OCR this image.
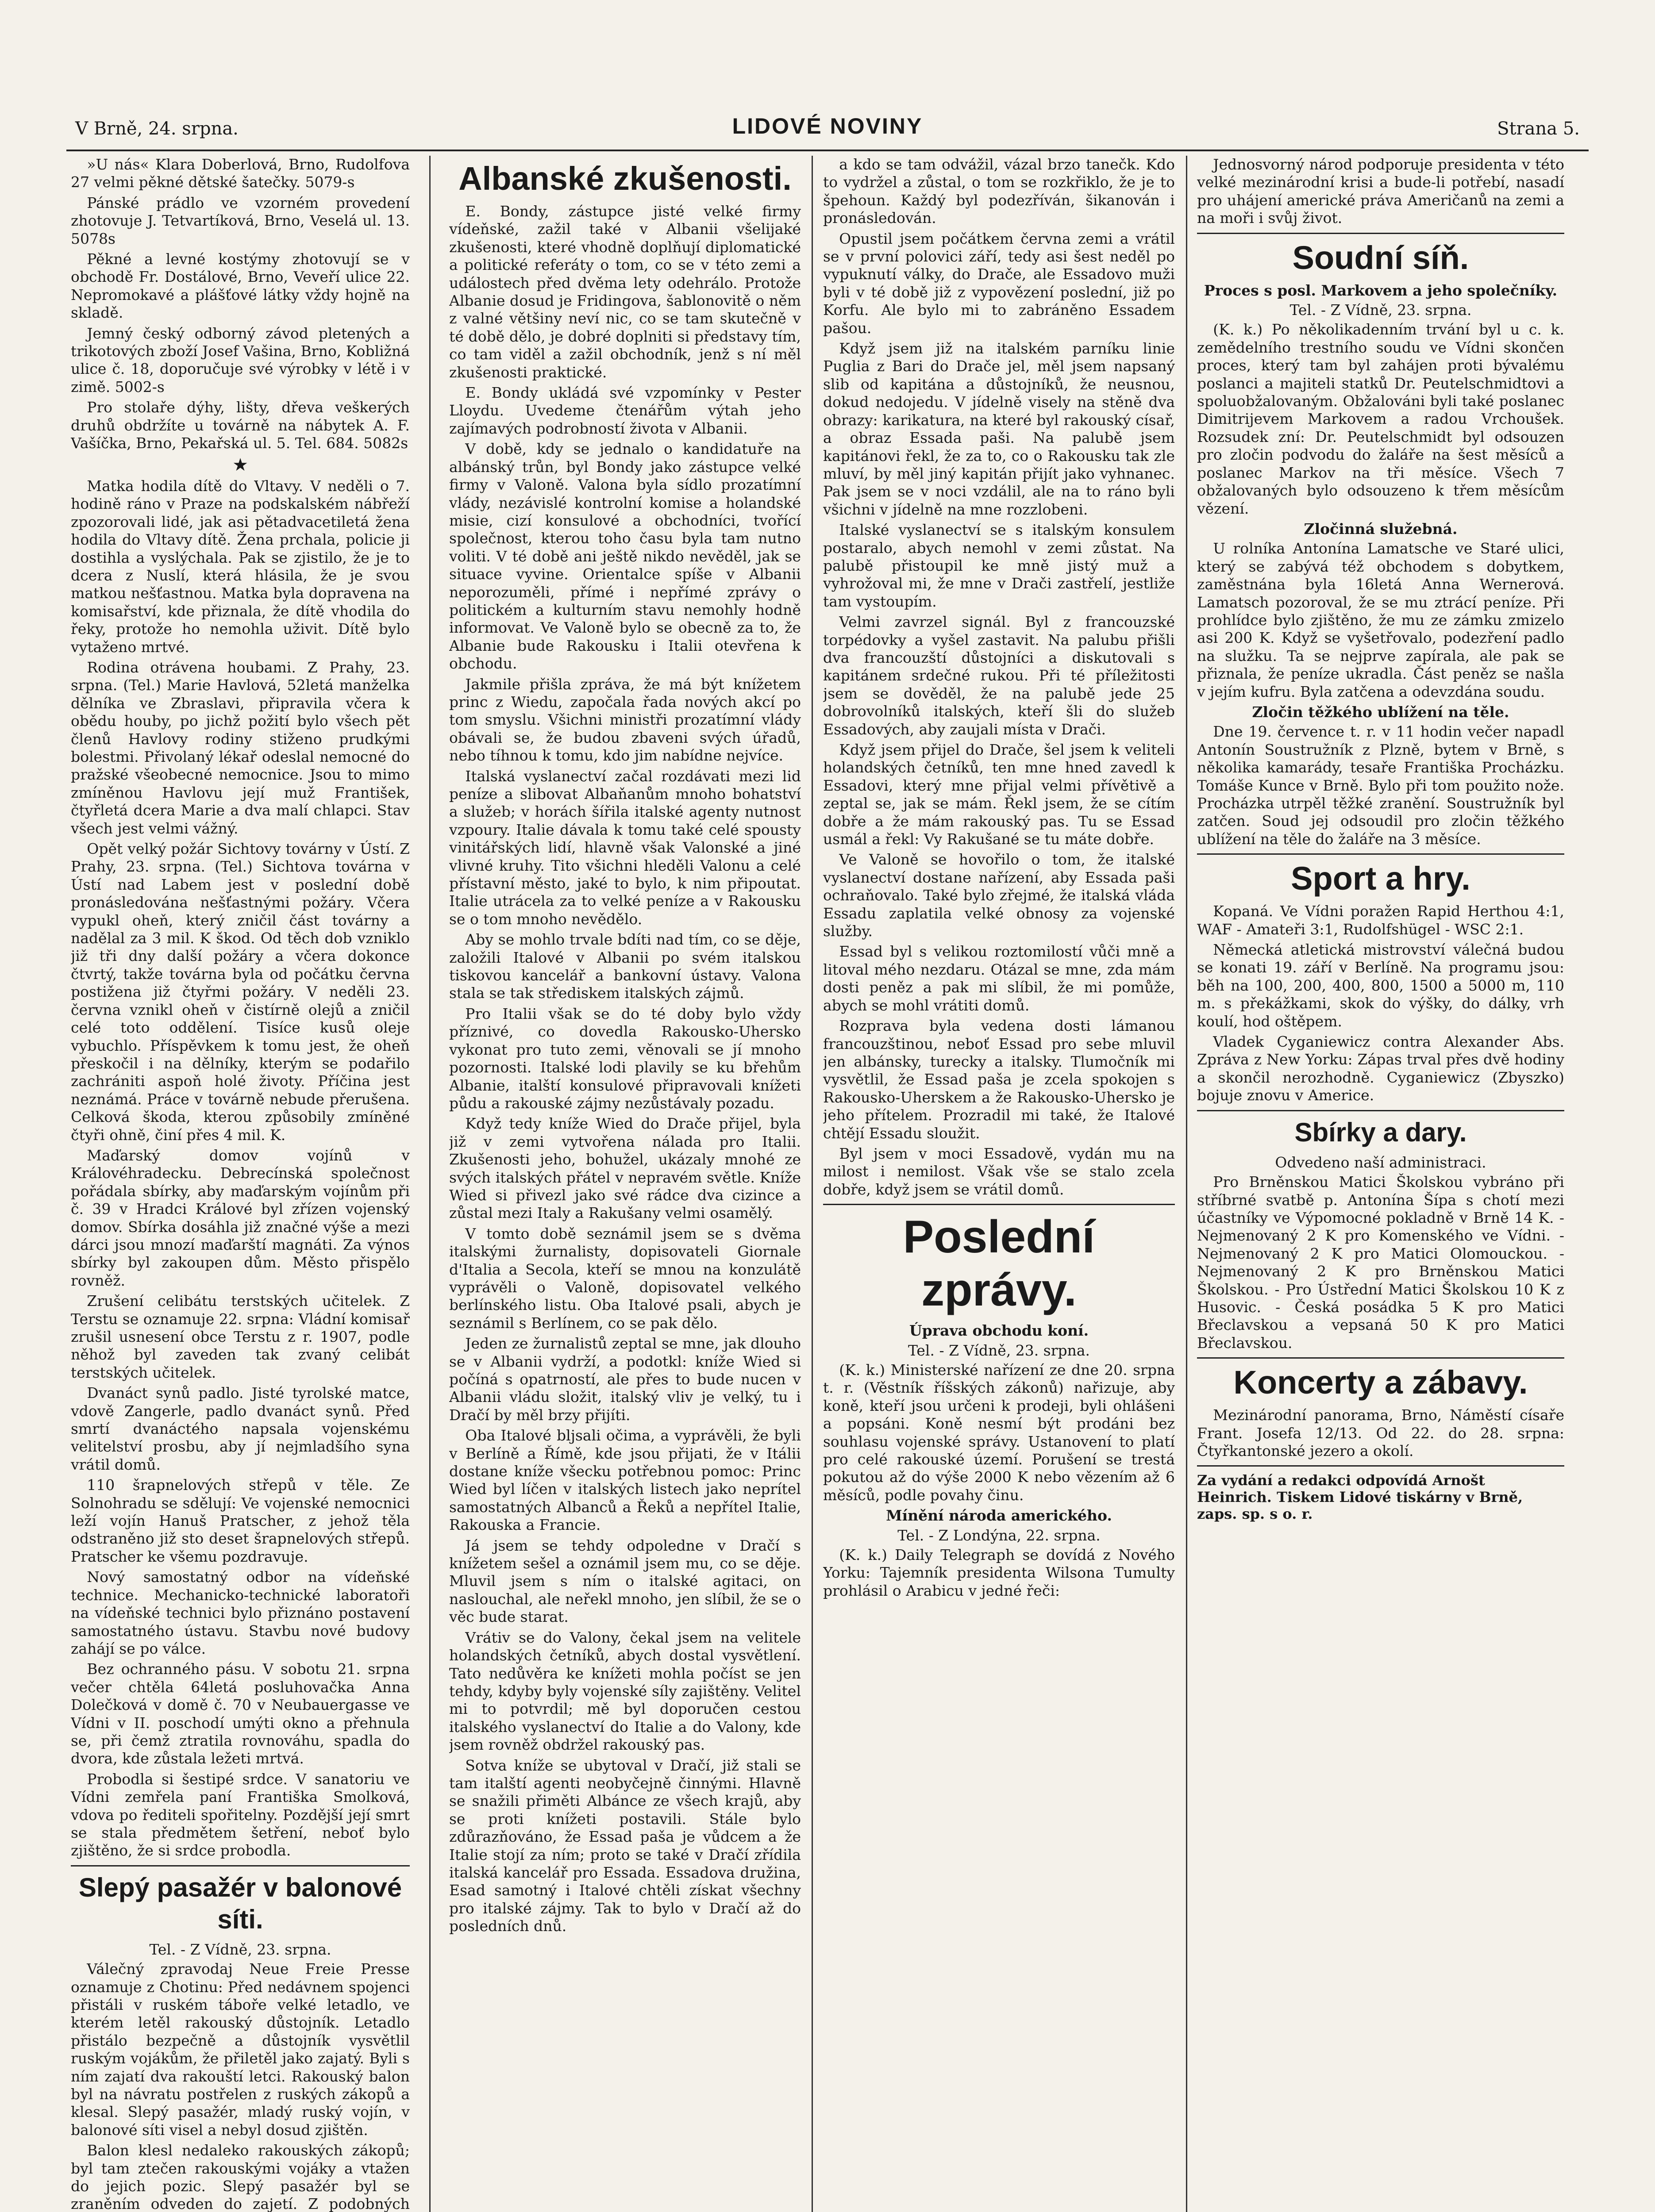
V Brně, 24. srpna.	LIDOVÉ NOVINY	Strana 5.

»U nás« Klara Doberlová, Brno, Rudolfova 27 velmi pěkné dětské šatečky. 5079-s

Pánské prádlo ve vzorném provedení zhotovuje J. Tetvartíková, Brno, Veselá ul. 13. 5078s

Pěkné a levné kostýmy zhotovují se v obchodě Fr. Dostálové, Brno, Veveří ulice 22. Nepromokavé a plášťové látky vždy hojně na skladě.

Jemný český odborný závod pletených a trikotových zboží Josef Vašina, Brno, Kobližná ulice č. 18, doporučuje své výrobky v létě i v zimě. 5002-s

Pro stolaře dýhy, lišty, dřeva veškerých druhů obdržíte u továrně na nábytek A. F. Vašíčka, Brno, Pekařská ul. 5. Tel. 684. 5082s

★

Matka hodila dítě do Vltavy. V neděli o 7. hodině ráno v Praze na podskalském nábřeží zpozorovali lidé, jak asi pětadvacetiletá žena hodila do Vltavy dítě. Žena prchala, policie ji dostihla a vyslýchala. Pak se zjistilo, že je to dcera z Nuslí, která hlásila, že je svou matkou nešťastnou. Matka byla dopravena na komisařství, kde přiznala, že dítě vhodila do řeky, protože ho nemohla uživit. Dítě bylo vytaženo mrtvé.

Rodina otrávena houbami. Z Prahy, 23. srpna. (Tel.) Marie Havlová, 52letá manželka dělníka ve Zbraslavi, připravila včera k obědu houby, po jichž požití bylo všech pět členů Havlovy rodiny stiženo prudkými bolestmi. Přivolaný lékař odeslal nemocné do pražské všeobecné nemocnice. Jsou to mimo zmíněnou Havlovu její muž František, čtyřletá dcera Marie a dva malí chlapci. Stav všech jest velmi vážný.

Opět velký požár Sichtovy továrny v Ústí. Z Prahy, 23. srpna. (Tel.) Sichtova továrna v Ústí nad Labem jest v poslední době pronásledována nešťastnými požáry. Včera vypukl oheň, který zničil část továrny a nadělal za 3 mil. K škod. Od těch dob vzniklo již tři dny další požáry a včera dokonce čtvrtý, takže továrna byla od počátku června postižena již čtyřmi požáry. V neděli 23. června vznikl oheň v čistírně olejů a zničil celé toto oddělení. Tisíce kusů oleje vybuchlo. Příspěvkem k tomu jest, že oheň přeskočil i na dělníky, kterým se podařilo zachrániti aspoň holé životy. Příčina jest neznámá. Práce v továrně nebude přerušena. Celková škoda, kterou způsobily zmíněné čtyři ohně, činí přes 4 mil. K.

Maďarský domov vojínů v Královéhradecku. Debrecínská společnost pořádala sbírky, aby maďarským vojínům při č. 39 v Hradci Králové byl zřízen vojenský domov. Sbírka dosáhla již značné výše a mezi dárci jsou mnozí maďarští magnáti. Za výnos sbírky byl zakoupen dům. Město přispělo rovněž.

Zrušení celibátu terstských učitelek. Z Terstu se oznamuje 22. srpna: Vládní komisař zrušil usnesení obce Terstu z r. 1907, podle něhož byl zaveden tak zvaný celibát terstských učitelek.

Dvanáct synů padlo. Jisté tyrolské matce, vdově Zangerle, padlo dvanáct synů. Před smrtí dvanáctého napsala vojenskému velitelství prosbu, aby jí nejmladšího syna vrátil domů.

110 šrapnelových střepů v těle. Ze Solnohradu se sdělují: Ve vojenské nemocnici leží vojín Hanuš Pratscher, z jehož těla odstraněno již sto deset šrapnelových střepů. Pratscher ke všemu pozdravuje.

Nový samostatný odbor na vídeňské technice. Mechanicko-technické laboratoři na vídeňské technici bylo přiznáno postavení samostatného ústavu. Stavbu nové budovy zahájí se po válce.

Bez ochranného pásu. V sobotu 21. srpna večer chtěla 64letá posluhovačka Anna Dolečková v domě č. 70 v Neubauergasse ve Vídni v II. poschodí umýti okno a přehnula se, při čemž ztratila rovnováhu, spadla do dvora, kde zůstala ležeti mrtvá.

Probodla si šestipé srdce. V sanatoriu ve Vídni zemřela paní Františka Smolková, vdova po řediteli spořitelny. Pozdější její smrt se stala předmětem šetření, neboť bylo zjištěno, že si srdce probodla.

Slepý pasažér v balonové síti.
Tel. - Z Vídně, 23. srpna.

Válečný zpravodaj Neue Freie Presse oznamuje z Chotinu: Před nedávnem spojenci přistáli v ruském táboře velké letadlo, ve kterém letěl rakouský důstojník. Letadlo přistálo bezpečně a důstojník vysvětlil ruským vojákům, že přiletěl jako zajatý. Byli s ním zajatí dva rakouští letci. Rakouský balon byl na návratu postřelen z ruských zákopů a klesal. Slepý pasažér, mladý ruský vojín, v balonové síti visel a nebyl dosud zjištěn.

Balon klesl nedaleko rakouských zákopů; byl tam ztečen rakouskými vojáky a vtažen do jejich pozic. Slepý pasažér byl se zraněním odveden do zajetí. Z podobných

Albanské zkušenosti.

E. Bondy, zástupce jisté velké firmy vídeňské, zažil také v Albanii všelijaké zkušenosti, které vhodně doplňují diplomatické a politické referáty o tom, co se v této zemi a událostech před dvěma lety odehrálo. Protože Albanie dosud je Fridingova, šablonovitě o něm z valné většiny neví nic, co se tam skutečně v té době dělo, je dobré doplniti si představy tím, co tam viděl a zažil obchodník, jenž s ní měl zkušenosti praktické.

E. Bondy ukládá své vzpomínky v Pester Lloydu. Uvedeme čtenářům výtah jeho zajímavých podrobností života v Albanii.

V době, kdy se jednalo o kandidatuře na albánský trůn, byl Bondy jako zástupce velké firmy v Valoně. Valona byla sídlo prozatímní vlády, nezávislé kontrolní komise a holandské misie, cizí konsulové a obchodníci, tvořící společnost, kterou toho času byla tam nutno voliti. V té době ani ještě nikdo nevěděl, jak se situace vyvine. Orientalce spíše v Albanii neporozuměli, přímé i nepřímé zprávy o politickém a kulturním stavu nemohly hodně informovat. Ve Valoně bylo se obecně za to, že Albanie bude Rakousku i Italii otevřena k obchodu.

Jakmile přišla zpráva, že má být knížetem princ z Wiedu, započala řada nových akcí po tom smyslu. Všichni ministři prozatímní vlády obávali se, že budou zbaveni svých úřadů, nebo tíhnou k tomu, kdo jim nabídne nejvíce.

Italská vyslanectví začal rozdávati mezi lid peníze a slibovat Albaňanům mnoho bohatství a služeb; v horách šířila italské agenty nutnost vzpoury. Italie dávala k tomu také celé spousty vinitářských lidí, hlavně však Valonské a jiné vlivné kruhy. Tito všichni hleděli Valonu a celé přístavní město, jaké to bylo, k nim připoutat. Italie utrácela za to velké peníze a v Rakousku se o tom mnoho nevědělo.

Aby se mohlo trvale bdíti nad tím, co se děje, založili Italové v Albanii po svém italskou tiskovou kancelář a bankovní ústavy. Valona stala se tak střediskem italských zájmů.

Pro Italii však se do té doby bylo vždy příznivé, co dovedla Rakousko-Uhersko vykonat pro tuto zemi, věnovali se jí mnoho pozornosti. Italské lodi plavily se ku břehům Albanie, italští konsulové připravovali knížeti půdu a rakouské zájmy nezůstávaly pozadu.

Když tedy kníže Wied do Drače přijel, byla již v zemi vytvořena nálada pro Italii. Zkušenosti jeho, bohužel, ukázaly mnohé ze svých italských přátel v nepravém světle. Kníže Wied si přivezl jako své rádce dva cizince a zůstal mezi Italy a Rakušany velmi osamělý.

V tomto době seznámil jsem se s dvěma italskými žurnalisty, dopisovateli Giornale d'Italia a Secola, kteří se mnou na konzulátě vyprávěli o Valoně, dopisovatel velkého berlínského listu. Oba Italové psali, abych je seznámil s Berlínem, co se pak dělo.

Jeden ze žurnalistů zeptal se mne, jak dlouho se v Albanii vydrží, a podotkl: kníže Wied si počíná s opatrností, ale přes to bude nucen v Albanii vládu složit, italský vliv je velký, tu i Dračí by měl brzy přijíti.

Oba Italové bljsali očima, a vyprávěli, že byli v Berlíně a Římě, kde jsou přijati, že v Itálii dostane kníže všecku potřebnou pomoc: Princ Wied byl líčen v italských listech jako neprítel samostatných Albanců a Řeků a nepřítel Italie, Rakouska a Francie.

Já jsem se tehdy odpoledne v Dračí s knížetem sešel a oznámil jsem mu, co se děje. Mluvil jsem s ním o italské agitaci, on naslouchal, ale neřekl mnoho, jen slíbil, že se o věc bude starat.

Vrátiv se do Valony, čekal jsem na velitele holandských četníků, abych dostal vysvětlení. Tato nedůvěra ke knížeti mohla počíst se jen tehdy, kdyby byly vojenské síly zajištěny. Velitel mi to potvrdil; mě byl doporučen cestou italského vyslanectví do Italie a do Valony, kde jsem rovněž obdržel rakouský pas.

Sotva kníže se ubytoval v Dračí, již stali se tam italští agenti neobyčejně činnými. Hlavně se snažili přiměti Albánce ze všech krajů, aby se proti knížeti postavili. Stále bylo zdůrazňováno, že Essad paša je vůdcem a že Italie stojí za ním; proto se také v Dračí zřídila italská kancelář pro Essada. Essadova družina, Esad samotný i Italové chtěli získat všechny pro italské zájmy. Tak to bylo v Dračí až do posledních dnů.

a kdo se tam odvážil, vázal brzo tanečk. Kdo to vydržel a zůstal, o tom se rozkřiklo, že je to špehoun. Každý byl podezříván, šikanován i pronásledován.

Opustil jsem počátkem června zemi a vrátil se v první polovici září, tedy asi šest neděl po vypuknutí války, do Drače, ale Essadovo muži byli v té době již z vypovězení poslední, již po Korfu. Ale bylo mi to zabráněno Essadem pašou.

Když jsem již na italském parníku linie Puglia z Bari do Drače jel, měl jsem napsaný slib od kapitána a důstojníků, že neusnou, dokud nedojedu. V jídelně visely na stěně dva obrazy: karikatura, na které byl rakouský císař, a obraz Essada paši. Na palubě jsem kapitánovi řekl, že za to, co o Rakousku tak zle mluví, by měl jiný kapitán přijít jako vyhnanec. Pak jsem se v noci vzdálil, ale na to ráno byli všichni v jídelně na mne rozzlobeni.

Italské vyslanectví se s italským konsulem postaralo, abych nemohl v zemi zůstat. Na palubě přistoupil ke mně jistý muž a vyhrožoval mi, že mne v Drači zastřelí, jestliže tam vystoupím.

Velmi zavrzel signál. Byl z francouzské torpédovky a vyšel zastavit. Na palubu přišli dva francouzští důstojníci a diskutovali s kapitánem srdečné rukou. Při té příležitosti jsem se dověděl, že na palubě jede 25 dobrovolníků italských, kteří šli do služeb Essadových, aby zaujali místa v Drači.

Když jsem přijel do Drače, šel jsem k veliteli holandských četníků, ten mne hned zavedl k Essadovi, který mne přijal velmi přívětivě a zeptal se, jak se mám. Řekl jsem, že se cítím dobře a že mám rakouský pas. Tu se Essad usmál a řekl: Vy Rakušané se tu máte dobře.

Ve Valoně se hovořilo o tom, že italské vyslanectví dostane nařízení, aby Essada paši ochraňovalo. Také bylo zřejmé, že italská vláda Essadu zaplatila velké obnosy za vojenské služby.

Essad byl s velikou roztomilostí vůči mně a litoval mého nezdaru. Otázal se mne, zda mám dosti peněz a pak mi slíbil, že mi pomůže, abych se mohl vrátiti domů.

Rozprava byla vedena dosti lámanou francouzštinou, neboť Essad pro sebe mluvil jen albánsky, turecky a italsky. Tlumočník mi vysvětlil, že Essad paša je zcela spokojen s Rakousko-Uherskem a že Rakousko-Uhersko je jeho přítelem. Prozradil mi také, že Italové chtějí Essadu sloužit.

Byl jsem v moci Essadově, vydán mu na milost i nemilost. Však vše se stalo zcela dobře, když jsem se vrátil domů.

Poslední zprávy.
Úprava obchodu koní.
Tel. - Z Vídně, 23. srpna.

(K. k.) Ministerské nařízení ze dne 20. srpna t. r. (Věstník říšských zákonů) nařizuje, aby koně, kteří jsou určeni k prodeji, byli ohlášeni a popsáni. Koně nesmí být prodáni bez souhlasu vojenské správy. Ustanovení to platí pro celé rakouské území. Porušení se trestá pokutou až do výše 2000 K nebo vězením až 6 měsíců, podle povahy činu.

Mínění národa amerického.
Tel. - Z Londýna, 22. srpna.

(K. k.) Daily Telegraph se dovídá z Nového Yorku: Tajemník presidenta Wilsona Tumulty prohlásil o Arabicu v jedné řeči:

Jednosvorný národ podporuje presidenta v této velké mezinárodní krisi a bude-li potřebí, nasadí pro uhájení americké práva Američanů na zemi a na moři i svůj život.

Soudní síň.
Proces s posl. Markovem a jeho společníky.
Tel. - Z Vídně, 23. srpna.

(K. k.) Po několikadenním trvání byl u c. k. zemědelního trestního soudu ve Vídni skončen proces, který tam byl zahájen proti bývalému poslanci a majiteli statků Dr. Peutelschmidtovi a spoluobžalovaným. Obžalováni byli také poslanec Dimitrijevem Markovem a radou Vrchoušek. Rozsudek zní: Dr. Peutelschmidt byl odsouzen pro zločin podvodu do žaláře na šest měsíců a poslanec Markov na tři měsíce. Všech 7 obžalovaných bylo odsouzeno k třem měsícům vězení.

Zločinná služebná.

U rolníka Antonína Lamatsche ve Staré ulici, který se zabývá též obchodem s dobytkem, zaměstnána byla 16letá Anna Wernerová. Lamatsch pozoroval, že se mu ztrácí peníze. Při prohlídce bylo zjištěno, že mu ze zámku zmizelo asi 200 K. Když se vyšetřovalo, podezření padlo na služku. Ta se nejprve zapírala, ale pak se přiznala, že peníze ukradla. Část peněz se našla v jejím kufru. Byla zatčena a odevzdána soudu.

Zločin těžkého ublížení na těle.

Dne 19. července t. r. v 11 hodin večer napadl Antonín Soustružník z Plzně, bytem v Brně, s několika kamarády, tesaře Františka Procházku. Tomáše Kunce v Brně. Bylo při tom použito nože. Procházka utrpěl těžké zranění. Soustružník byl zatčen. Soud jej odsoudil pro zločin těžkého ublížení na těle do žaláře na 3 měsíce.

Sport a hry.

Kopaná. Ve Vídni poražen Rapid Herthou 4:1, WAF - Amateři 3:1, Rudolfshügel - WSC 2:1.

Německá atletická mistrovství válečná budou se konati 19. září v Berlíně. Na programu jsou: běh na 100, 200, 400, 800, 1500 a 5000 m, 110 m. s překážkami, skok do výšky, do dálky, vrh koulí, hod oštěpem.

Vladek Cyganiewicz contra Alexander Abs. Zpráva z New Yorku: Zápas trval přes dvě hodiny a skončil nerozhodně. Cyganiewicz (Zbyszko) bojuje znovu v Americe.

Sbírky a dary.
Odvedeno naší administraci.

Pro Brněnskou Matici Školskou vybráno při stříbrné svatbě p. Antonína Šípa s chotí mezi účastníky ve Výpomocné pokladně v Brně 14 K. - Nejmenovaný 2 K pro Komenského ve Vídni. - Nejmenovaný 2 K pro Matici Olomouckou. - Nejmenovaný 2 K pro Brněnskou Matici Školskou. - Pro Ústřední Matici Školskou 10 K z Husovic. - Česká posádka 5 K pro Matici Břeclavskou a vepsaná 50 K pro Matici Břeclavskou.

Koncerty a zábavy.

Mezinárodní panorama, Brno, Náměstí císaře Frant. Josefa 12/13. Od 22. do 28. srpna: Čtyřkantonské jezero a okolí.

Za vydání a redakci odpovídá Arnošt Heinrich. Tiskem Lidové tiskárny v Brně, zaps. sp. s o. r.
